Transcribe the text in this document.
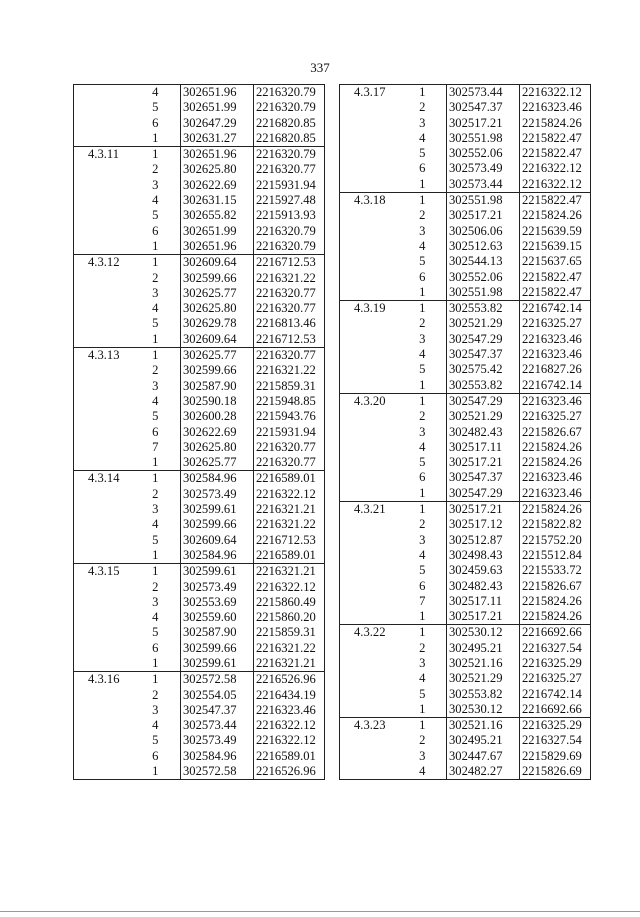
337
	4	302651.96	2216320.79
	5	302651.99	2216320.79
	6	302647.29	2216820.85
	1	302631.27	2216820.85
4.3.11	1	302651.96	2216320.79
	2	302625.80	2216320.77
	3	302622.69	2215931.94
	4	302631.15	2215927.48
	5	302655.82	2215913.93
	6	302651.99	2216320.79
	1	302651.96	2216320.79
4.3.12	1	302609.64	2216712.53
	2	302599.66	2216321.22
	3	302625.77	2216320.77
	4	302625.80	2216320.77
	5	302629.78	2216813.46
	1	302609.64	2216712.53
4.3.13	1	302625.77	2216320.77
	2	302599.66	2216321.22
	3	302587.90	2215859.31
	4	302590.18	2215948.85
	5	302600.28	2215943.76
	6	302622.69	2215931.94
	7	302625.80	2216320.77
	1	302625.77	2216320.77
4.3.14	1	302584.96	2216589.01
	2	302573.49	2216322.12
	3	302599.61	2216321.21
	4	302599.66	2216321.22
	5	302609.64	2216712.53
	1	302584.96	2216589.01
4.3.15	1	302599.61	2216321.21
	2	302573.49	2216322.12
	3	302553.69	2215860.49
	4	302559.60	2215860.20
	5	302587.90	2215859.31
	6	302599.66	2216321.22
	1	302599.61	2216321.21
4.3.16	1	302572.58	2216526.96
	2	302554.05	2216434.19
	3	302547.37	2216323.46
	4	302573.44	2216322.12
	5	302573.49	2216322.12
	6	302584.96	2216589.01
	1	302572.58	2216526.96
4.3.17	1	302573.44	2216322.12
	2	302547.37	2216323.46
	3	302517.21	2215824.26
	4	302551.98	2215822.47
	5	302552.06	2215822.47
	6	302573.49	2216322.12
	1	302573.44	2216322.12
4.3.18	1	302551.98	2215822.47
	2	302517.21	2215824.26
	3	302506.06	2215639.59
	4	302512.63	2215639.15
	5	302544.13	2215637.65
	6	302552.06	2215822.47
	1	302551.98	2215822.47
4.3.19	1	302553.82	2216742.14
	2	302521.29	2216325.27
	3	302547.29	2216323.46
	4	302547.37	2216323.46
	5	302575.42	2216827.26
	1	302553.82	2216742.14
4.3.20	1	302547.29	2216323.46
	2	302521.29	2216325.27
	3	302482.43	2215826.67
	4	302517.11	2215824.26
	5	302517.21	2215824.26
	6	302547.37	2216323.46
	1	302547.29	2216323.46
4.3.21	1	302517.21	2215824.26
	2	302517.12	2215822.82
	3	302512.87	2215752.20
	4	302498.43	2215512.84
	5	302459.63	2215533.72
	6	302482.43	2215826.67
	7	302517.11	2215824.26
	1	302517.21	2215824.26
4.3.22	1	302530.12	2216692.66
	2	302495.21	2216327.54
	3	302521.16	2216325.29
	4	302521.29	2216325.27
	5	302553.82	2216742.14
	1	302530.12	2216692.66
4.3.23	1	302521.16	2216325.29
	2	302495.21	2216327.54
	3	302447.67	2215829.69
	4	302482.27	2215826.69
